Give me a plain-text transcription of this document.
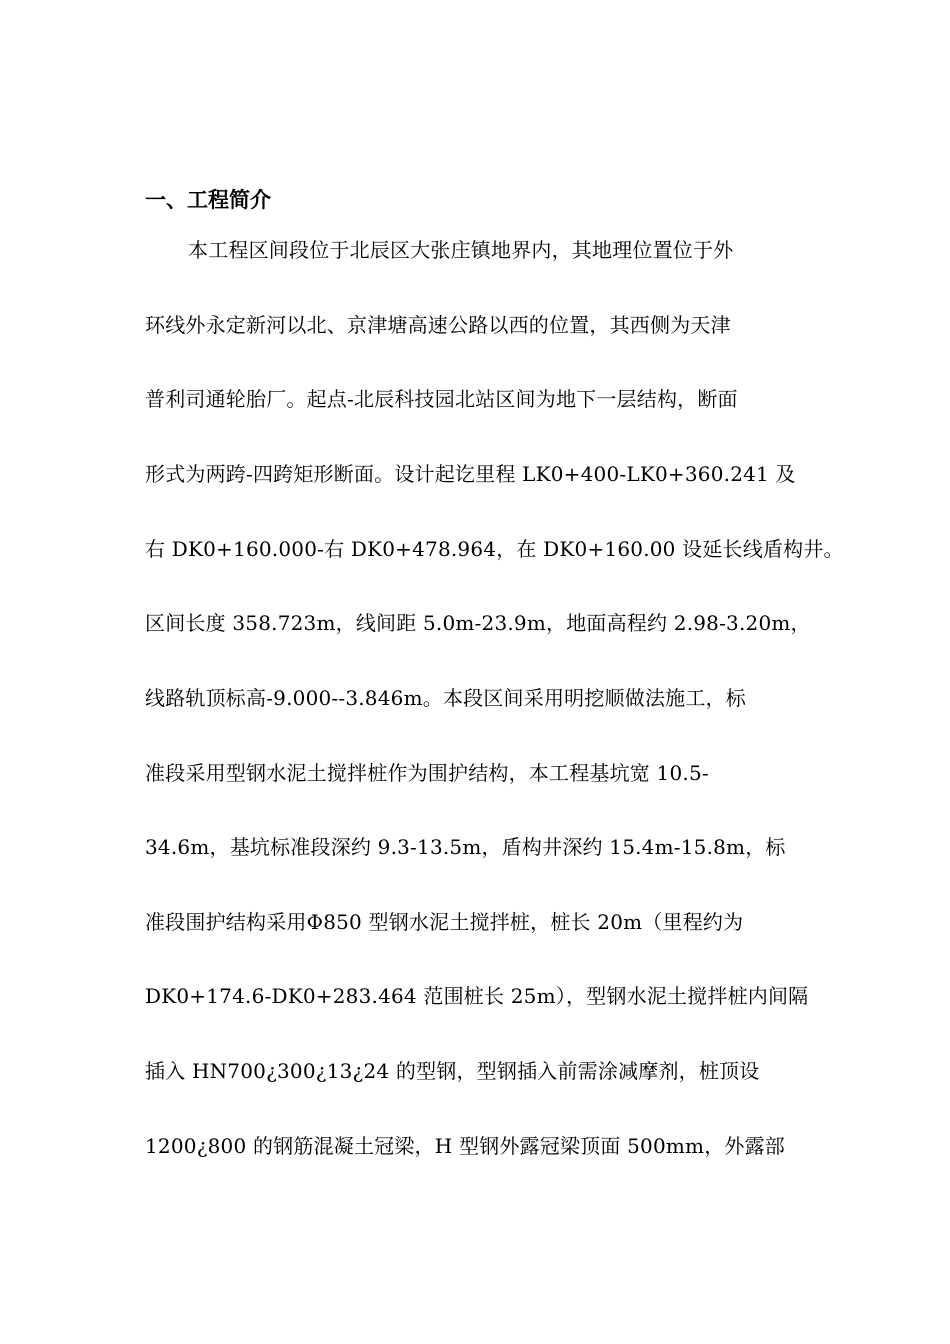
一、工程简介
本工程区间段位于北辰区大张庄镇地界内，其地理位置位于外
环线外永定新河以北、京津塘高速公路以西的位置，其西侧为天津
普利司通轮胎厂。起点-北辰科技园北站区间为地下一层结构，断面
形式为两跨-四跨矩形断面。设计起讫里程 LK0+400-LK0+360.241 及
右 DK0+160.000-右 DK0+478.964，在 DK0+160.00 设延长线盾构井。
区间长度 358.723m，线间距 5.0m-23.9m，地面高程约 2.98-3.20m，
线路轨顶标高-9.000--3.846m。本段区间采用明挖顺做法施工，标
准段采用型钢水泥土搅拌桩作为围护结构，本工程基坑宽 10.5-
34.6m，基坑标准段深约 9.3-13.5m，盾构井深约 15.4m-15.8m，标
准段围护结构采用Φ850 型钢水泥土搅拌桩，桩长 20m（里程约为
DK0+174.6-DK0+283.464 范围桩长 25m），型钢水泥土搅拌桩内间隔
插入 HN700¿300¿13¿24 的型钢，型钢插入前需涂减摩剂，桩顶设
1200¿800 的钢筋混凝土冠梁，H 型钢外露冠梁顶面 500mm，外露部
